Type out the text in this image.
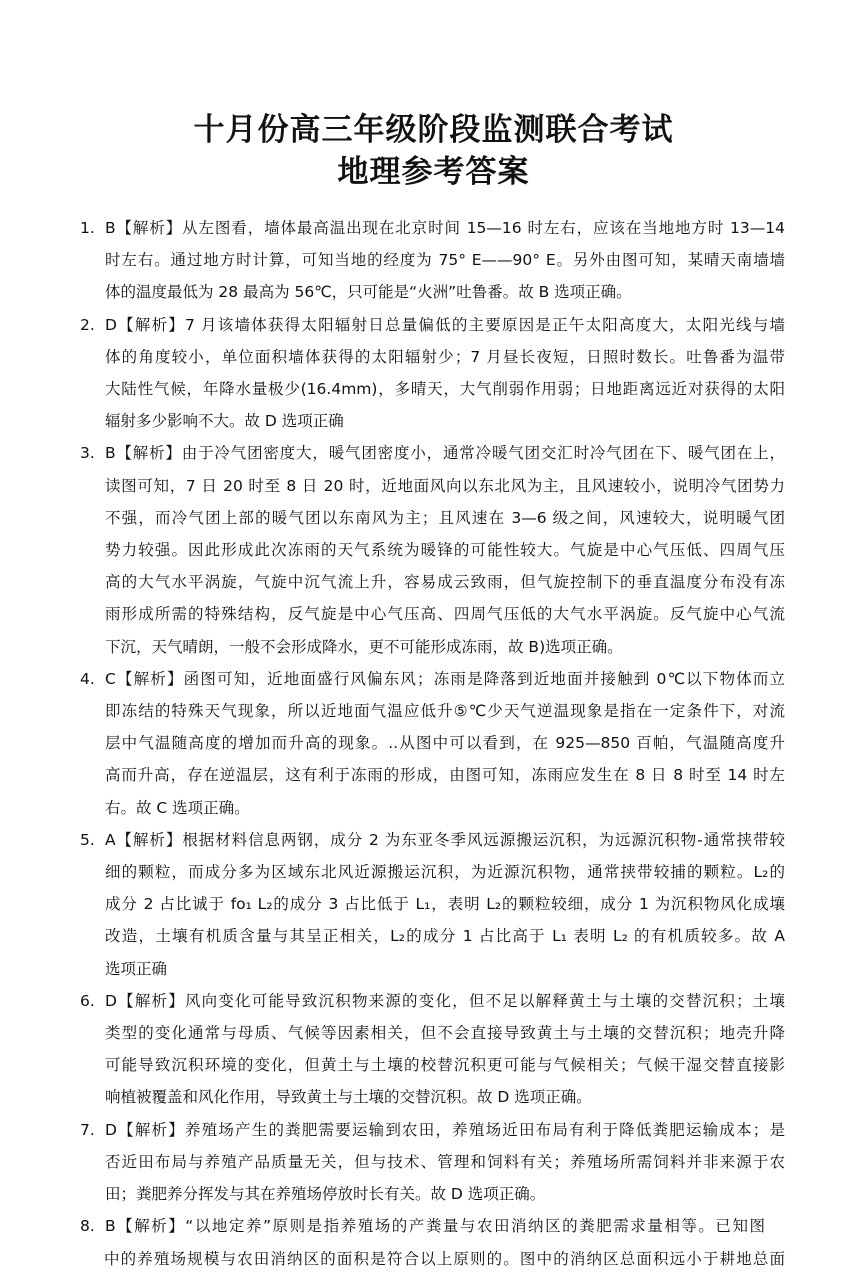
十月份高三年级阶段监测联合考试
地理参考答案
1. B【解析】从左图看，墙体最高温出现在北京时间 15—16 时左右，应该在当地地方时 13—14
时左右。通过地方时计算，可知当地的经度为 75° E——90° E。另外由图可知，某晴天南墙墙
体的温度最低为 28 最高为 56℃，只可能是“火洲”吐鲁番。故 B 选项正确。
2. D【解析】7 月该墙体获得太阳辐射日总量偏低的主要原因是正午太阳高度大，太阳光线与墙
体的角度较小，单位面积墙体获得的太阳辐射少；7 月昼长夜短，日照时数长。吐鲁番为温带
大陆性气候，年降水量极少(16.4mm)，多晴天，大气削弱作用弱；日地距离远近对获得的太阳
辐射多少影响不大。故 D 选项正确
3. B【解析】由于冷气团密度大，暖气团密度小，通常冷暖气团交汇时冷气团在下、暖气团在上，
读图可知，7 日 20 时至 8 日 20 时，近地面风向以东北风为主，且风速较小，说明冷气团势力
不强，而冷气团上部的暖气团以东南风为主；且风速在 3—6 级之间，风速较大，说明暖气团
势力较强。因此形成此次冻雨的天气系统为暖锋的可能性较大。气旋是中心气压低、四周气压
高的大气水平涡旋，气旋中沉气流上升，容易成云致雨，但气旋控制下的垂直温度分布没有冻
雨形成所需的特殊结构，反气旋是中心气压高、四周气压低的大气水平涡旋。反气旋中心气流
下沉，天气晴朗，一般不会形成降水，更不可能形成冻雨，故 B)选项正确。
4. C【解析】函图可知，近地面盛行风偏东风；冻雨是降落到近地面并接触到 0℃以下物体而立
即冻结的特殊天气现象，所以近地面气温应低升⑤℃少天气逆温现象是指在一定条件下，对流
层中气温随高度的增加而升高的现象。..从图中可以看到，在 925—850 百帕，气温随高度升
高而升高，存在逆温层，这有利于冻雨的形成，由图可知，冻雨应发生在 8 日 8 时至 14 时左
右。故 C 选项正确。
5. A【解析】根据材料信息两钢，成分 2 为东亚冬季风远源搬运沉积，为远源沉积物-通常挟带较
细的颗粒，而成分多为区域东北风近源搬运沉积，为近源沉积物，通常挟带较捕的颗粒。L₂的
成分 2 占比诚于 fo₁ L₂的成分 3 占比低于 L₁，表明 L₂的颗粒较细，成分 1 为沉积物风化成壤
改造，土壤有机质含量与其呈正相关，L₂的成分 1 占比高于 L₁ 表明 L₂ 的有机质较多。故 A
选项正确
6. D【解析】风向变化可能导致沉积物来源的变化，但不足以解释黄土与土壤的交替沉积；土壤
类型的变化通常与母质、气候等因素相关，但不会直接导致黄土与土壤的交替沉积；地壳升降
可能导致沉积环境的变化，但黄土与土壤的校替沉积更可能与气候相关；气候干湿交替直接影
响植被覆盖和风化作用，导致黄土与土壤的交替沉积。故 D 选项正确。
7. D【解析】养殖场产生的粪肥需要运输到农田，养殖场近田布局有利于降低粪肥运输成本；是
否近田布局与养殖产品质量无关，但与技术、管理和饲料有关；养殖场所需饲料并非来源于农
田；粪肥养分挥发与其在养殖场停放时长有关。故 D 选项正确。
8. B【解析】“以地定养”原则是指养殖场的产粪量与农田消纳区的粪肥需求量相等。已知图
中的养殖场规模与农田消纳区的面积是符合以上原则的。图中的消纳区总面积远小于耕地总面
